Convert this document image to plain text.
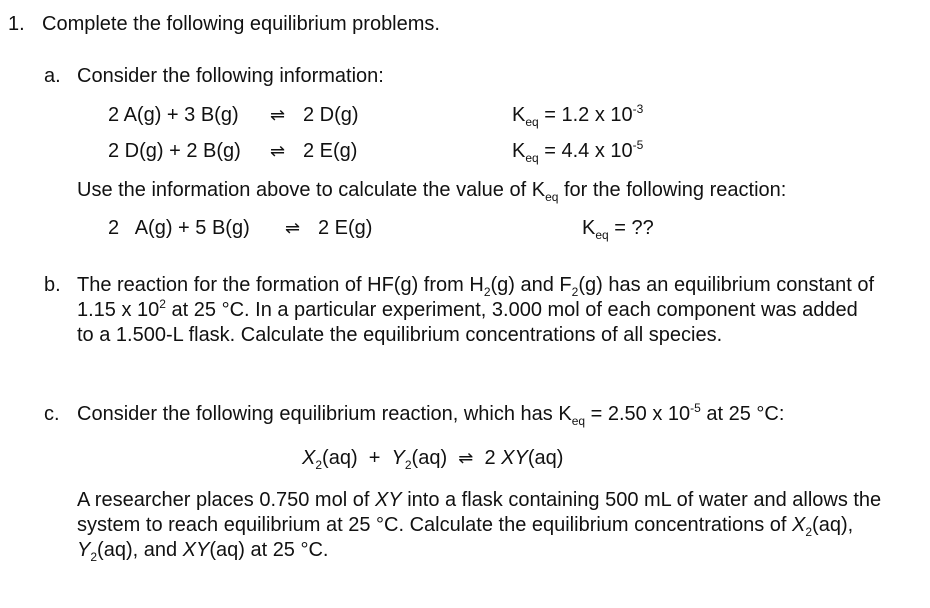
1. Complete the following equilibrium problems.
a. Consider the following information:
2 A(g) + 3 B(g) ⇌ 2 D(g)	$K_{eq} = 1.2$ x $10^{-3}$
2 D(g) + 2 B(g) ⇌ 2 E(g)	$K_{eq} = 4.4$ x $10^{-5}$
Use the information above to calculate the value of $K_{eq}$ for the following reaction:
2   A(g) + 5 B(g) ⇌ 2 E(g)	$K_{eq}$ = ??
b. The reaction for the formation of HF(g) from $H_2(g)$ and $F_2(g)$ has an equilibrium constant of 1.15 x $10^2$ at 25 °C. In a particular experiment, 3.000 mol of each component was added to a 1.500-L flask. Calculate the equilibrium concentrations of all species.
c. Consider the following equilibrium reaction, which has $K_{eq} = 2.50$ x $10^{-5}$ at 25 °C:
$X_2(aq) + Y_2(aq)$  ⇌  2 XY(aq)
A researcher places 0.750 mol of XY into a flask containing 500 mL of water and allows the system to reach equilibrium at 25 °C. Calculate the equilibrium concentrations of $X_2(aq)$, $Y_2(aq)$, and XY(aq) at 25 °C.
